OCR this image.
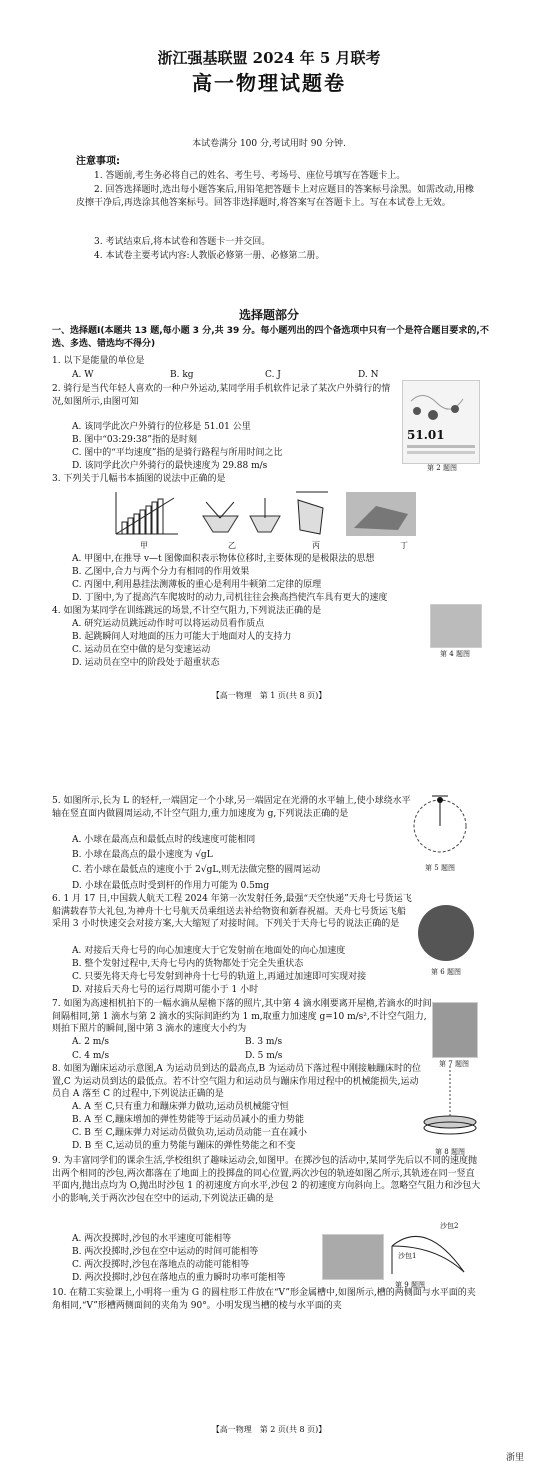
浙江强基联盟 2024 年 5 月联考
高一物理试题卷
本试卷满分 100 分,考试用时 90 分钟.
注意事项:
1. 答题前,考生务必将自己的姓名、考生号、考场号、座位号填写在答题卡上。
2. 回答选择题时,选出每小题答案后,用铅笔把答题卡上对应题目的答案标号涂黑。如需改动,用橡皮擦干净后,再选涂其他答案标号。回答非选择题时,将答案写在答题卡上。写在本试卷上无效。
3. 考试结束后,将本试卷和答题卡一并交回。
4. 本试卷主要考试内容:人教版必修第一册、必修第二册。
选择题部分
一、选择题Ⅰ(本题共 13 题,每小题 3 分,共 39 分。每小题列出的四个备选项中只有一个是符合题目要求的,不选、多选、错选均不得分)
1. 以下是能量的单位是
A. W	B. kg	C. J	D. N
2. 骑行是当代年轻人喜欢的一种户外运动,某同学用手机软件记录了某次户外骑行的情况,如图所示,由图可知
A. 该同学此次户外骑行的位移是 51.01 公里
B. 图中“03:29:38”指的是时刻
C. 图中的“平均速度”指的是骑行路程与所用时间之比
D. 该同学此次户外骑行的最快速度为 29.88 m/s
51.01
第 2 题图
3. 下列关于几幅书本插图的说法中正确的是
甲	乙	丙	丁
A. 甲图中,在推导 v—t 图像面积表示物体位移时,主要体现的是极限法的思想
B. 乙图中,合力与两个分力有相同的作用效果
C. 丙图中,利用悬挂法测薄板的重心是利用牛顿第二定律的原理
D. 丁图中,为了提高汽车爬坡时的动力,司机往往会换高挡使汽车具有更大的速度
4. 如图为某同学在训练跳远的场景,不计空气阻力,下列说法正确的是
A. 研究运动员跳远动作时可以将运动员看作质点
B. 起跳瞬间人对地面的压力可能大于地面对人的支持力
C. 运动员在空中做的是匀变速运动
D. 运动员在空中的阶段处于超重状态
第 4 题图
【高一物理　第 1 页(共 8 页)】
5. 如图所示,长为 L 的轻杆,一端固定一个小球,另一端固定在光滑的水平轴上,使小球绕水平轴在竖直面内做圆周运动,不计空气阻力,重力加速度为 g,下列说法正确的是
A. 小球在最高点和最低点时的线速度可能相同
B. 小球在最高点的最小速度为 √gL
C. 若小球在最低点的速度小于 2√gL,则无法做完整的圆周运动
D. 小球在最低点时受到杆的作用力可能为 0.5mg
第 5 题图
6. 1 月 17 日,中国载人航天工程 2024 年第一次发射任务,最强“天空快递”天舟七号货运飞船满载春节大礼包,为神舟十七号航天员乘组送去补给物资和新春祝福。天舟七号货运飞船采用 3 小时快速交会对接方案,大大缩短了对接时间。下列关于天舟七号的说法正确的是
A. 对接后天舟七号的向心加速度大于它发射前在地面处的向心加速度
B. 整个发射过程中,天舟七号内的货物都处于完全失重状态
C. 只要先将天舟七号发射到神舟十七号的轨道上,再通过加速即可实现对接
D. 对接后天舟七号的运行周期可能小于 1 小时
第 6 题图
7. 如图为高速相机拍下的一幅水滴从屋檐下落的照片,其中第 4 滴水刚要离开屋檐,若滴水的时间间隔相同,第 1 滴水与第 2 滴水的实际间距约为 1 m,取重力加速度 g=10 m/s²,不计空气阻力,则拍下照片的瞬间,图中第 3 滴水的速度大小约为
A. 2 m/s	B. 3 m/s
C. 4 m/s	D. 5 m/s
第 7 题图
8. 如图为蹦床运动示意图,A 为运动员到达的最高点,B 为运动员下落过程中刚接触蹦床时的位置,C 为运动员到达的最低点。若不计空气阻力和运动员与蹦床作用过程中的机械能损失,运动员自 A 落至 C 的过程中,下列说法正确的是
A. A 至 C,只有重力和蹦床弹力做功,运动员机械能守恒
B. A 至 C,蹦床增加的弹性势能等于运动员减小的重力势能
C. B 至 C,蹦床弹力对运动员做负功,运动员动能一直在减小
D. B 至 C,运动员的重力势能与蹦床的弹性势能之和不变
第 8 题图
9. 为丰富同学们的课余生活,学校组织了趣味运动会,如图甲。在掷沙包的活动中,某同学先后以不同的速度抛出两个相同的沙包,两次都落在了地面上的投掷盘的同心位置,两次沙包的轨迹如图乙所示,其轨迹在同一竖直平面内,抛出点均为 O,抛出时沙包 1 的初速度方向水平,沙包 2 的初速度方向斜向上。忽略空气阻力和沙包大小的影响,关于两次沙包在空中的运动,下列说法正确的是
A. 两次投掷时,沙包的水平速度可能相等
B. 两次投掷时,沙包在空中运动的时间可能相等
C. 两次投掷时,沙包在落地点的动能可能相等
D. 两次投掷时,沙包在落地点的重力瞬时功率可能相等
沙包2
沙包1
第 9 题图
10. 在精工实验课上,小明将一重为 G 的圆柱形工件放在“V”形金属槽中,如图所示,槽的两侧面与水平面的夹角相同,“V”形槽两侧面间的夹角为 90°。小明发现当槽的棱与水平面的夹
【高一物理　第 2 页(共 8 页)】
浙里
